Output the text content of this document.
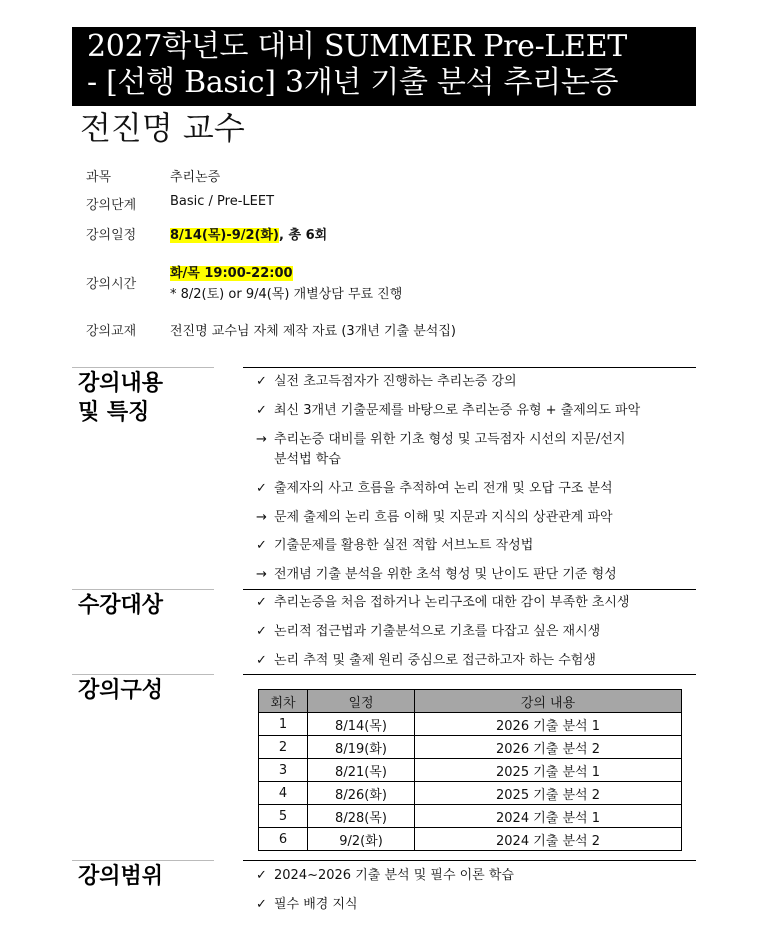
2027학년도 대비 SUMMER Pre-LEET
- [선행 Basic] 3개년 기출 분석 추리논증
전진명 교수
과목	추리논증
강의단계	Basic / Pre-LEET
강의일정	8/14(목)-9/2(화), 총 6회
강의시간
화/목 19:00-22:00
* 8/2(토) or 9/4(목) 개별상담 무료 진행
강의교재	전진명 교수님 자체 제작 자료 (3개년 기출 분석집)
강의내용
및 특징
✓ 실전 초고득점자가 진행하는 추리논증 강의
✓ 최신 3개년 기출문제를 바탕으로 추리논증 유형 + 출제의도 파악
→ 추리논증 대비를 위한 기초 형성 및 고득점자 시선의 지문/선지
분석법 학습
✓ 출제자의 사고 흐름을 추적하여 논리 전개 및 오답 구조 분석
→ 문제 출제의 논리 흐름 이해 및 지문과 지식의 상관관계 파악
✓ 기출문제를 활용한 실전 적합 서브노트 작성법
→ 전개념 기출 분석을 위한 초석 형성 및 난이도 판단 기준 형성
수강대상	✓ 추리논증을 처음 접하거나 논리구조에 대한 감이 부족한 초시생
✓ 논리적 접근법과 기출분석으로 기초를 다잡고 싶은 재시생
✓ 논리 추적 및 출제 원리 중심으로 접근하고자 하는 수험생
강의구성	회차	일정	강의 내용
1	8/14(목)	2026 기출 분석 1
2	8/19(화)	2026 기출 분석 2
3	8/21(목)	2025 기출 분석 1
4	8/26(화)	2025 기출 분석 2
5	8/28(목)	2024 기출 분석 1
6	9/2(화)	2024 기출 분석 2
강의범위	✓ 2024~2026 기출 분석 및 필수 이론 학습
✓ 필수 배경 지식
